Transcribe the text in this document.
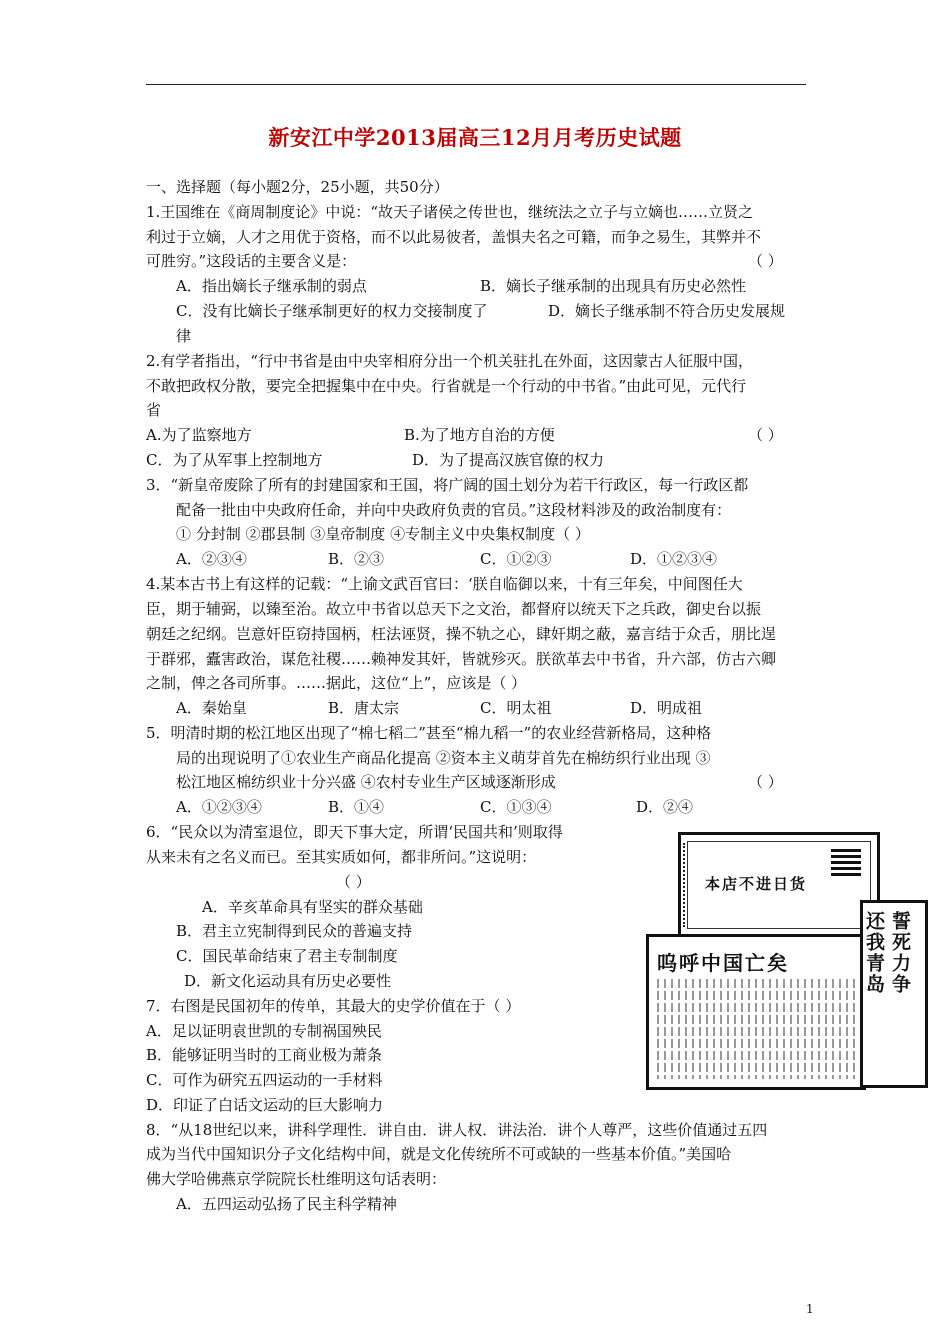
新安江中学2013届高三12月月考历史试题
一、选择题（每小题2分，25小题，共50分）
1.王国维在《商周制度论》中说：“故天子诸侯之传世也，继统法之立子与立嫡也……立贤之
利过于立嫡，人才之用优于资格，而不以此易彼者，盖惧夫名之可籍，而争之易生，其弊并不
可胜穷。”这段话的主要含义是：	（ ）
A．指出嫡长子继承制的弱点	B．嫡长子继承制的出现具有历史必然性
C．没有比嫡长子继承制更好的权力交接制度了	D．嫡长子继承制不符合历史发展规
律
2.有学者指出，“行中书省是由中央宰相府分出一个机关驻扎在外面，这因蒙古人征服中国，
不敢把政权分散，要完全把握集中在中央。行省就是一个行动的中书省。”由此可见，元代行
省
A.为了监察地方	B.为了地方自治的方便	（ ）
C．为了从军事上控制地方	D．为了提高汉族官僚的权力
3．“新皇帝废除了所有的封建国家和王国，将广阔的国土划分为若干行政区，每一行政区都
配备一批由中央政府任命，并向中央政府负责的官员。”这段材料涉及的政治制度有：
① 分封制 ②郡县制 ③皇帝制度 ④专制主义中央集权制度（ ）
A．②③④	B．②③	C．①②③	D．①②③④
4.某本古书上有这样的记载：“上谕文武百官曰：‘朕自临御以来，十有三年矣，中间图任大
臣，期于辅弼，以臻至治。故立中书省以总天下之文治，都督府以统天下之兵政，御史台以振
朝廷之纪纲。岂意奸臣窃持国柄，枉法诬贤，操不轨之心，肆奸期之蔽，嘉言结于众舌，朋比逞
于群邪，蠹害政治，谋危社稷……赖神发其奸，皆就殄灭。朕欲革去中书省，升六部，仿古六卿
之制，俾之各司所事。……据此，这位“上”，应该是（ ）
A．秦始皇	B．唐太宗	C．明太祖	D．明成祖
5．明清时期的松江地区出现了“棉七稻二”甚至“棉九稻一”的农业经营新格局，这种格
局的出现说明了①农业生产商品化提高 ②资本主义萌芽首先在棉纺织行业出现 ③
松江地区棉纺织业十分兴盛 ④农村专业生产区域逐渐形成	（ ）
A．①②③④	B．①④	C．①③④	D．②④
6．“民众以为清室退位，即天下事大定，所谓‘民国共和’则取得
从来未有之名义而已。至其实质如何，都非所问。”这说明：
（ ）
A．辛亥革命具有坚实的群众基础
B．君主立宪制得到民众的普遍支持
C．国民革命结束了君主专制制度
D．新文化运动具有历史必要性
7．右图是民国初年的传单，其最大的史学价值在于（ ）
A．足以证明袁世凯的专制祸国殃民
B．能够证明当时的工商业极为萧条
C．可作为研究五四运动的一手材料
D．印证了白话文运动的巨大影响力
8．“从18世纪以来，讲科学理性．讲自由．讲人权．讲法治．讲个人尊严，这些价值通过五四
成为当代中国知识分子文化结构中间，就是文化传统所不可或缺的一些基本价值。”美国哈
佛大学哈佛燕京学院院长杜维明这句话表明：
A．五四运动弘扬了民主科学精神
本店不进日货
呜呼中国亡矣	誓死力争
还我青岛
1
